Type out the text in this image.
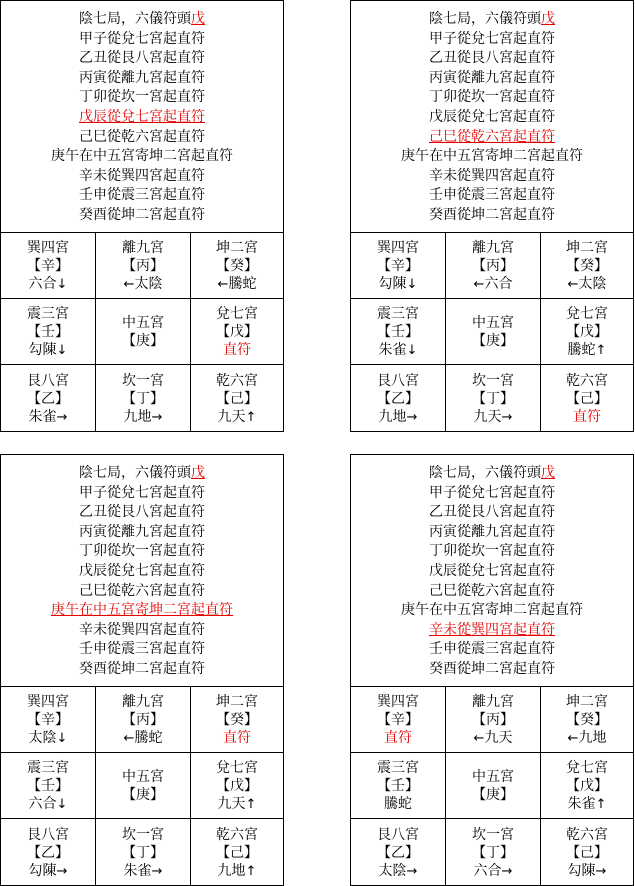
陰七局，六儀符頭戊
甲子從兌七宮起直符
乙丑從艮八宮起直符
丙寅從離九宮起直符
丁卯從坎一宮起直符
戊辰從兌七宮起直符
己巳從乾六宮起直符
庚午在中五宮寄坤二宮起直符
辛未從巽四宮起直符
壬申從震三宮起直符
癸酉從坤二宮起直符
巽四宮
【辛】
六合↓
離九宮
【丙】
←太陰
坤二宮
【癸】
←騰蛇
震三宮
【壬】
勾陳↓
中五宮
【庚】
兌七宮
【戊】
直符
艮八宮
【乙】
朱雀→
坎一宮
【丁】
九地→
乾六宮
【己】
九天↑
陰七局，六儀符頭戊
甲子從兌七宮起直符
乙丑從艮八宮起直符
丙寅從離九宮起直符
丁卯從坎一宮起直符
戊辰從兌七宮起直符
己巳從乾六宮起直符
庚午在中五宮寄坤二宮起直符
辛未從巽四宮起直符
壬申從震三宮起直符
癸酉從坤二宮起直符
巽四宮
【辛】
勾陳↓
離九宮
【丙】
←六合
坤二宮
【癸】
←太陰
震三宮
【壬】
朱雀↓
中五宮
【庚】
兌七宮
【戊】
騰蛇↑
艮八宮
【乙】
九地→
坎一宮
【丁】
九天→
乾六宮
【己】
直符
陰七局，六儀符頭戊
甲子從兌七宮起直符
乙丑從艮八宮起直符
丙寅從離九宮起直符
丁卯從坎一宮起直符
戊辰從兌七宮起直符
己巳從乾六宮起直符
庚午在中五宮寄坤二宮起直符
辛未從巽四宮起直符
壬申從震三宮起直符
癸酉從坤二宮起直符
巽四宮
【辛】
太陰↓
離九宮
【丙】
←騰蛇
坤二宮
【癸】
直符
震三宮
【壬】
六合↓
中五宮
【庚】
兌七宮
【戊】
九天↑
艮八宮
【乙】
勾陳→
坎一宮
【丁】
朱雀→
乾六宮
【己】
九地↑
陰七局，六儀符頭戊
甲子從兌七宮起直符
乙丑從艮八宮起直符
丙寅從離九宮起直符
丁卯從坎一宮起直符
戊辰從兌七宮起直符
己巳從乾六宮起直符
庚午在中五宮寄坤二宮起直符
辛未從巽四宮起直符
壬申從震三宮起直符
癸酉從坤二宮起直符
巽四宮
【辛】
直符
離九宮
【丙】
←九天
坤二宮
【癸】
←九地
震三宮
【壬】
騰蛇
中五宮
【庚】
兌七宮
【戊】
朱雀↑
艮八宮
【乙】
太陰→
坎一宮
【丁】
六合→
乾六宮
【己】
勾陳→
